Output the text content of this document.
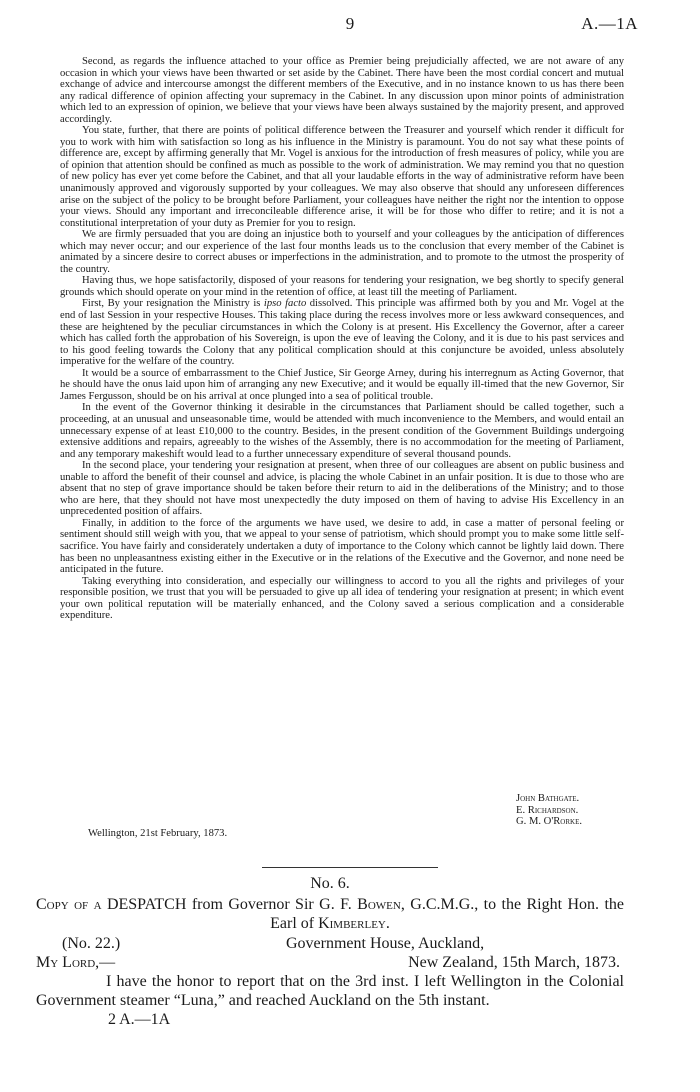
9	A.—1A

Second, as regards the influence attached to your office as Premier being prejudicially affected, we are not aware of any occasion in which your views have been thwarted or set aside by the Cabinet. There have been the most cordial concert and mutual exchange of advice and intercourse amongst the different members of the Executive, and in no instance known to us has there been any radical difference of opinion affecting your supremacy in the Cabinet. In any discussion upon minor points of administration which led to an expression of opinion, we believe that your views have been always sustained by the majority present, and approved accordingly.

You state, further, that there are points of political difference between the Treasurer and yourself which render it difficult for you to work with him with satisfaction so long as his influence in the Ministry is paramount. You do not say what these points of difference are, except by affirming generally that Mr. Vogel is anxious for the introduction of fresh measures of policy, while you are of opinion that attention should be confined as much as possible to the work of administration. We may remind you that no question of new policy has ever yet come before the Cabinet, and that all your laudable efforts in the way of administrative reform have been unanimously approved and vigorously supported by your colleagues. We may also observe that should any unforeseen differences arise on the subject of the policy to be brought before Parliament, your colleagues have neither the right nor the intention to oppose your views. Should any important and irreconcileable difference arise, it will be for those who differ to retire; and it is not a constitutional interpretation of your duty as Premier for you to resign.

We are firmly persuaded that you are doing an injustice both to yourself and your colleagues by the anticipation of differences which may never occur; and our experience of the last four months leads us to the conclusion that every member of the Cabinet is animated by a sincere desire to correct abuses or imperfections in the administration, and to promote to the utmost the prosperity of the country.

Having thus, we hope satisfactorily, disposed of your reasons for tendering your resignation, we beg shortly to specify general grounds which should operate on your mind in the retention of office, at least till the meeting of Parliament.

First, By your resignation the Ministry is ipso facto dissolved. This principle was affirmed both by you and Mr. Vogel at the end of last Session in your respective Houses. This taking place during the recess involves more or less awkward consequences, and these are heightened by the peculiar circumstances in which the Colony is at present. His Excellency the Governor, after a career which has called forth the approbation of his Sovereign, is upon the eve of leaving the Colony, and it is due to his past services and to his good feeling towards the Colony that any political complication should at this conjuncture be avoided, unless absolutely imperative for the welfare of the country.

It would be a source of embarrassment to the Chief Justice, Sir George Arney, during his interregnum as Acting Governor, that he should have the onus laid upon him of arranging any new Executive; and it would be equally ill-timed that the new Governor, Sir James Fergusson, should be on his arrival at once plunged into a sea of political trouble.

In the event of the Governor thinking it desirable in the circumstances that Parliament should be called together, such a proceeding, at an unusual and unseasonable time, would be attended with much inconvenience to the Members, and would entail an unnecessary expense of at least £10,000 to the country. Besides, in the present condition of the Government Buildings undergoing extensive additions and repairs, agreeably to the wishes of the Assembly, there is no accommodation for the meeting of Parliament, and any temporary makeshift would lead to a further unnecessary expenditure of several thousand pounds.

In the second place, your tendering your resignation at present, when three of our colleagues are absent on public business and unable to afford the benefit of their counsel and advice, is placing the whole Cabinet in an unfair position. It is due to those who are absent that no step of grave importance should be taken before their return to aid in the deliberations of the Ministry; and to those who are here, that they should not have most unexpectedly the duty imposed on them of having to advise His Excellency in an unprecedented position of affairs.

Finally, in addition to the force of the arguments we have used, we desire to add, in case a matter of personal feeling or sentiment should still weigh with you, that we appeal to your sense of patriotism, which should prompt you to make some little self-sacrifice. You have fairly and considerately undertaken a duty of importance to the Colony which cannot be lightly laid down. There has been no unpleasantness existing either in the Executive or in the relations of the Executive and the Governor, and none need be anticipated in the future.

Taking everything into consideration, and especially our willingness to accord to you all the rights and privileges of your responsible position, we trust that you will be persuaded to give up all idea of tendering your resignation at present; in which event your own political reputation will be materially enhanced, and the Colony saved a serious complication and a considerable expenditure.

John Bathgate.
E. Richardson.
G. M. O'Rorke.
Wellington, 21st February, 1873.
No. 6.
Copy of a DESPATCH from Governor Sir G. F. Bowen, G.C.M.G., to the Right Hon. the Earl of Kimberley.
(No. 22.)	Government House, Auckland,
My Lord,—	New Zealand, 15th March, 1873.
I have the honor to report that on the 3rd inst. I left Wellington in the Colonial Government steamer “Luna,” and reached Auckland on the 5th instant.
2 A.—1A
